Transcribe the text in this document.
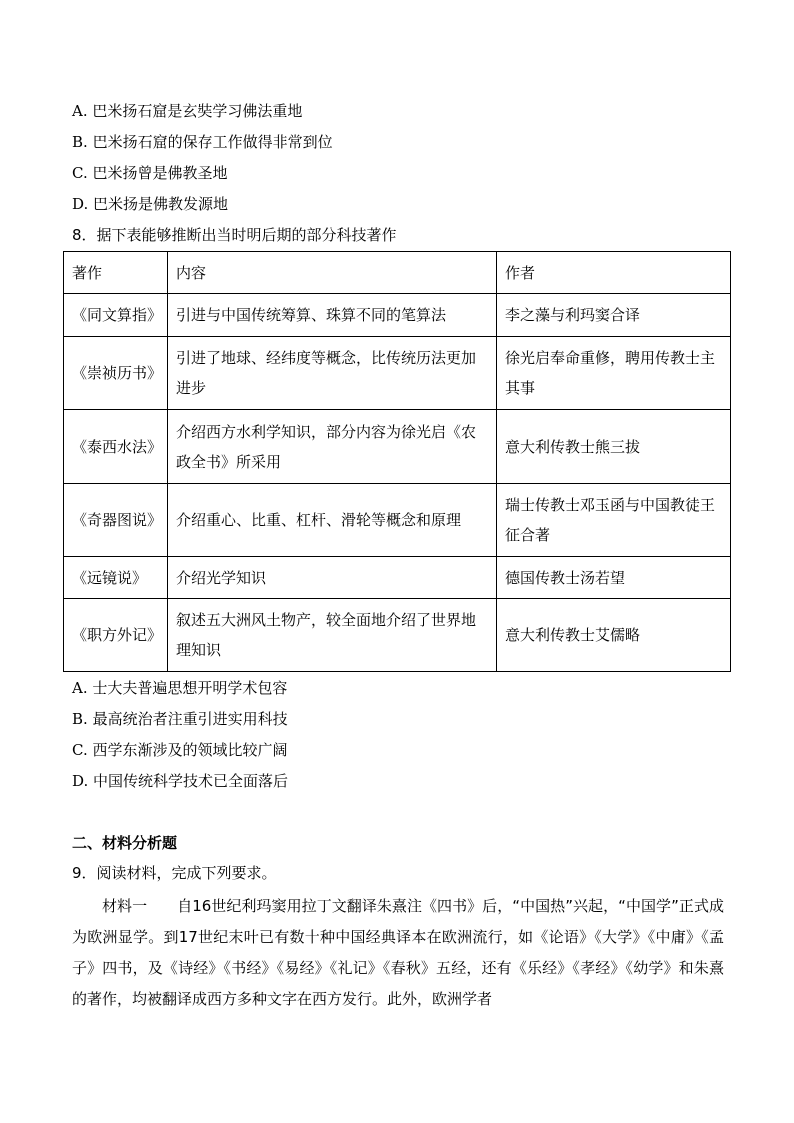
A. 巴米扬石窟是玄奘学习佛法重地
B. 巴米扬石窟的保存工作做得非常到位
C. 巴米扬曾是佛教圣地
D. 巴米扬是佛教发源地
8．据下表能够推断出当时明后期的部分科技著作
著作	内容	作者
《同文算指》	引进与中国传统筹算、珠算不同的笔算法	李之藻与利玛窦合译
《崇祯历书》	引进了地球、经纬度等概念，比传统历法更加进步	徐光启奉命重修，聘用传教士主其事
《泰西水法》	介绍西方水利学知识，部分内容为徐光启《农政全书》所采用	意大利传教士熊三拔
《奇器图说》	介绍重心、比重、杠杆、滑轮等概念和原理	瑞士传教士邓玉函与中国教徒王征合著
《远镜说》	介绍光学知识	德国传教士汤若望
《职方外记》	叙述五大洲风土物产，较全面地介绍了世界地理知识	意大利传教士艾儒略
A. 士大夫普遍思想开明学术包容
B. 最高统治者注重引进实用科技
C. 西学东渐涉及的领域比较广阔
D. 中国传统科学技术已全面落后
二、材料分析题
9．阅读材料，完成下列要求。
材料一　　自16世纪利玛窦用拉丁文翻译朱熹注《四书》后，“中国热”兴起，“中国学”正式成为欧洲显学。到17世纪末叶已有数十种中国经典译本在欧洲流行，如《论语》《大学》《中庸》《孟子》四书，及《诗经》《书经》《易经》《礼记》《春秋》五经，还有《乐经》《孝经》《幼学》和朱熹的著作，均被翻译成西方多种文字在西方发行。此外，欧洲学者
